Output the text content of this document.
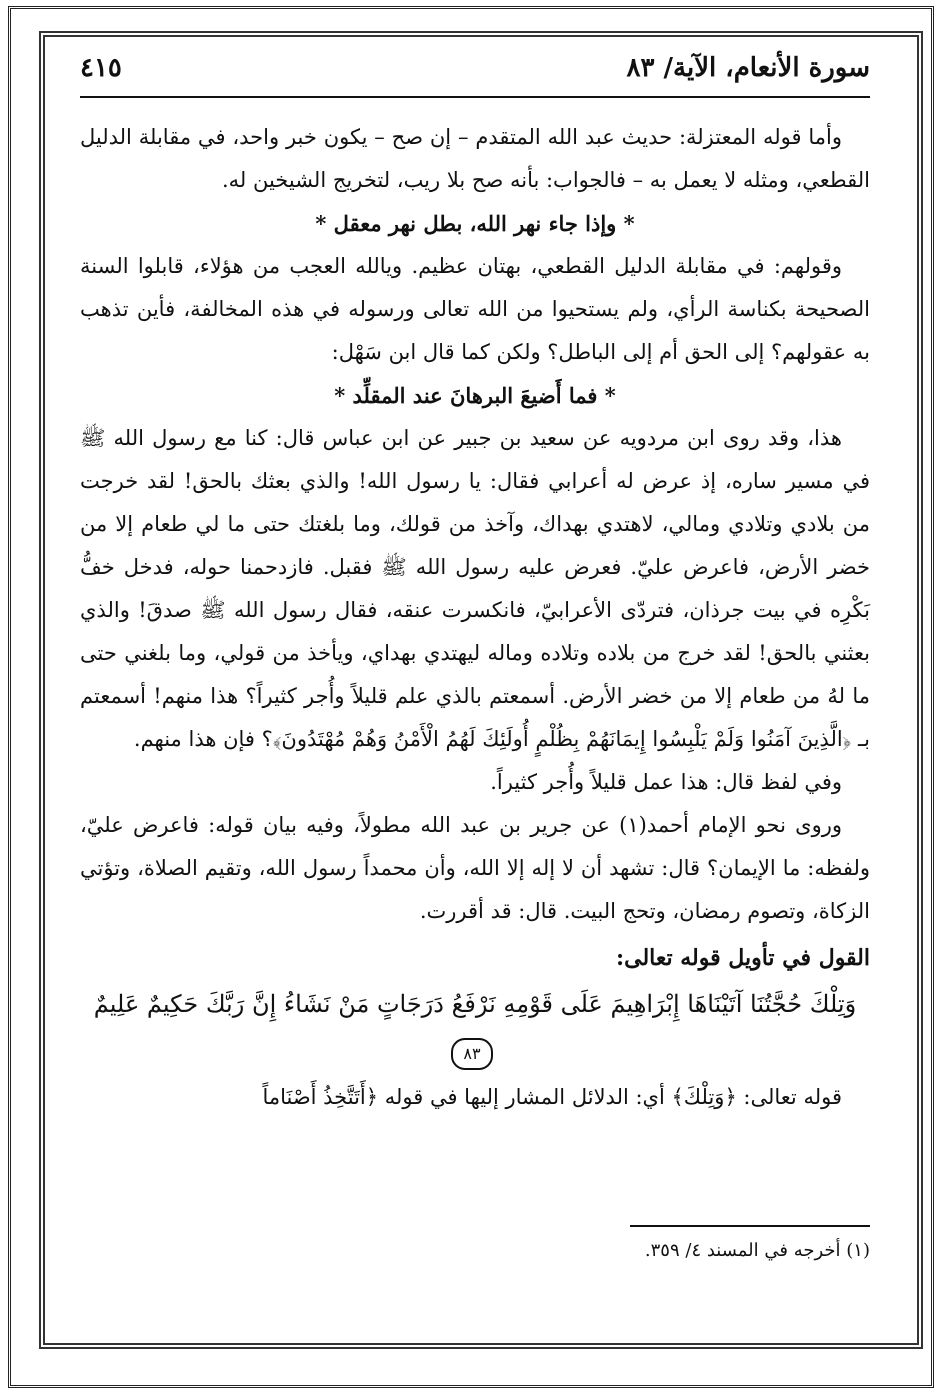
سورة الأنعام، الآية/ ٨٣
٤١٥

وأما قوله المعتزلة: حديث عبد الله المتقدم – إن صح – يكون خبر واحد، في مقابلة الدليل القطعي، ومثله لا يعمل به – فالجواب: بأنه صح بلا ريب، لتخريج الشيخين له.

* وإذا جاء نهر الله، بطل نهر معقل *

وقولهم: في مقابلة الدليل القطعي، بهتان عظيم. ويالله العجب من هؤلاء، قابلوا السنة الصحيحة بكناسة الرأي، ولم يستحيوا من الله تعالى ورسوله في هذه المخالفة، فأين تذهب به عقولهم؟ إلى الحق أم إلى الباطل؟ ولكن كما قال ابن سَهْل:

* فما أَضيعَ البرهانَ عند المقلِّد *

هذا، وقد روى ابن مردويه عن سعيد بن جبير عن ابن عباس قال: كنا مع رسول الله ﷺ في مسير ساره، إذ عرض له أعرابي فقال: يا رسول الله! والذي بعثك بالحق! لقد خرجت من بلادي وتلادي ومالي، لاهتدي بهداك، وآخذ من قولك، وما بلغتك حتى ما لي طعام إلا من خضر الأرض، فاعرض عليّ. فعرض عليه رسول الله ﷺ فقبل. فازدحمنا حوله، فدخل خفُّ بَكْرِه في بيت جرذان، فتردّى الأعرابيّ، فانكسرت عنقه، فقال رسول الله ﷺ صدقَ! والذي بعثني بالحق! لقد خرج من بلاده وتلاده وماله ليهتدي بهداي، ويأخذ من قولي، وما بلغني حتى ما لهُ من طعام إلا من خضر الأرض. أسمعتم بالذي علم قليلاً وأُجر كثيراً؟ هذا منهم! أسمعتم بـ ﴿الَّذِينَ آمَنُوا وَلَمْ يَلْبِسُوا إِيمَانَهُمْ بِظُلْمٍ أُولَئِكَ لَهُمُ الْأَمْنُ وَهُمْ مُهْتَدُونَ﴾؟ فإن هذا منهم.

وفي لفظ قال: هذا عمل قليلاً وأُجر كثيراً.

وروى نحو الإمام أحمد(١) عن جرير بن عبد الله مطولاً، وفيه بيان قوله: فاعرض عليّ، ولفظه: ما الإيمان؟ قال: تشهد أن لا إله إلا الله، وأن محمداً رسول الله، وتقيم الصلاة، وتؤتي الزكاة، وتصوم رمضان، وتحج البيت. قال: قد أقررت.

القول في تأويل قوله تعالى:

وَتِلْكَ حُجَّتُنَا آتَيْنَاهَا إِبْرَاهِيمَ عَلَى قَوْمِهِ نَرْفَعُ دَرَجَاتٍ مَنْ نَشَاءُ إِنَّ رَبَّكَ حَكِيمٌ عَلِيمٌ ٨٣

قوله تعالى: ﴿وَتِلْكَ﴾ أي: الدلائل المشار إليها في قوله ﴿أَتَتَّخِذُ أَصْنَاماً

(١) أخرجه في المسند ٤/ ٣٥٩.
